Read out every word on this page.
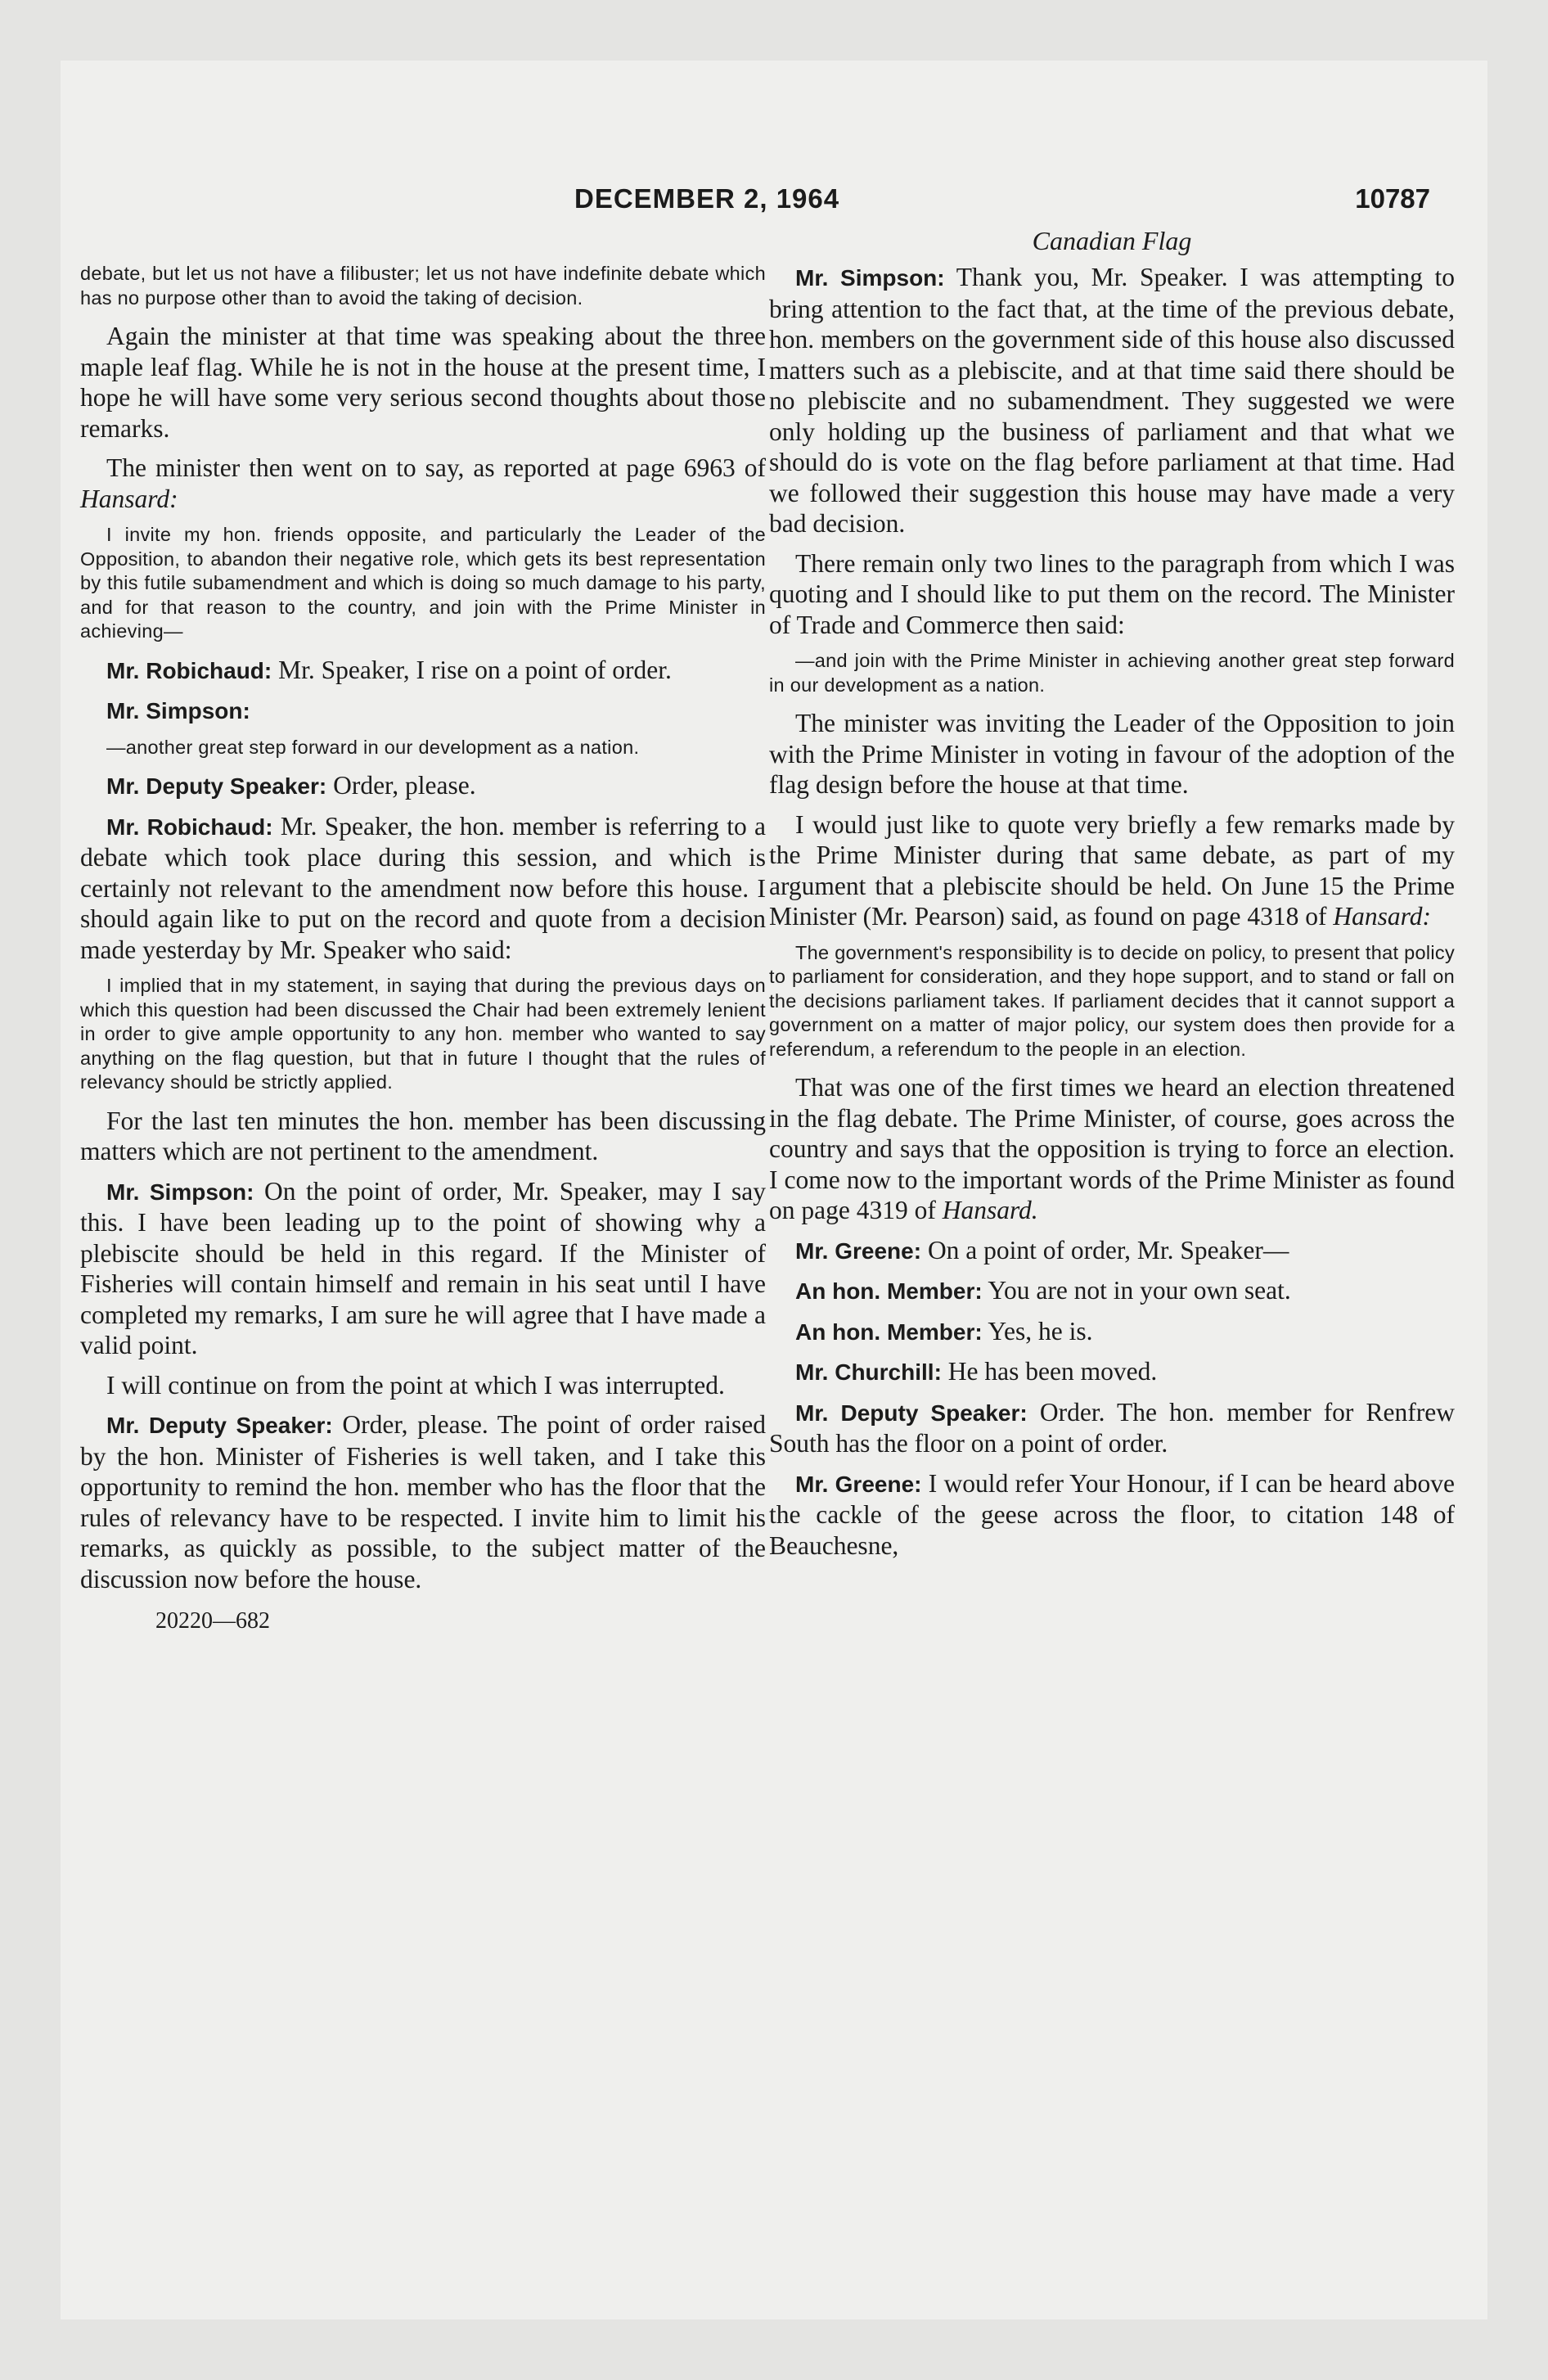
DECEMBER 2, 1964	10787

debate, but let us not have a filibuster; let us not have indefinite debate which has no purpose other than to avoid the taking of decision.

Again the minister at that time was speaking about the three maple leaf flag. While he is not in the house at the present time, I hope he will have some very serious second thoughts about those remarks.

The minister then went on to say, as reported at page 6963 of Hansard:

I invite my hon. friends opposite, and particularly the Leader of the Opposition, to abandon their negative role, which gets its best representation by this futile subamendment and which is doing so much damage to his party, and for that reason to the country, and join with the Prime Minister in achieving—

Mr. Robichaud: Mr. Speaker, I rise on a point of order.

Mr. Simpson:

—another great step forward in our development as a nation.

Mr. Deputy Speaker: Order, please.

Mr. Robichaud: Mr. Speaker, the hon. member is referring to a debate which took place during this session, and which is certainly not relevant to the amendment now before this house. I should again like to put on the record and quote from a decision made yesterday by Mr. Speaker who said:

I implied that in my statement, in saying that during the previous days on which this question had been discussed the Chair had been extremely lenient in order to give ample opportunity to any hon. member who wanted to say anything on the flag question, but that in future I thought that the rules of relevancy should be strictly applied.

For the last ten minutes the hon. member has been discussing matters which are not pertinent to the amendment.

Mr. Simpson: On the point of order, Mr. Speaker, may I say this. I have been leading up to the point of showing why a plebiscite should be held in this regard. If the Minister of Fisheries will contain himself and remain in his seat until I have completed my remarks, I am sure he will agree that I have made a valid point.

I will continue on from the point at which I was interrupted.

Mr. Deputy Speaker: Order, please. The point of order raised by the hon. Minister of Fisheries is well taken, and I take this opportunity to remind the hon. member who has the floor that the rules of relevancy have to be respected. I invite him to limit his remarks, as quickly as possible, to the subject matter of the discussion now before the house.

20220—682
Canadian Flag

Mr. Simpson: Thank you, Mr. Speaker. I was attempting to bring attention to the fact that, at the time of the previous debate, hon. members on the government side of this house also discussed matters such as a plebiscite, and at that time said there should be no plebiscite and no subamendment. They suggested we were only holding up the business of parliament and that what we should do is vote on the flag before parliament at that time. Had we followed their suggestion this house may have made a very bad decision.

There remain only two lines to the paragraph from which I was quoting and I should like to put them on the record. The Minister of Trade and Commerce then said:

—and join with the Prime Minister in achieving another great step forward in our development as a nation.

The minister was inviting the Leader of the Opposition to join with the Prime Minister in voting in favour of the adoption of the flag design before the house at that time.

I would just like to quote very briefly a few remarks made by the Prime Minister during that same debate, as part of my argument that a plebiscite should be held. On June 15 the Prime Minister (Mr. Pearson) said, as found on page 4318 of Hansard:

The government's responsibility is to decide on policy, to present that policy to parliament for consideration, and they hope support, and to stand or fall on the decisions parliament takes. If parliament decides that it cannot support a government on a matter of major policy, our system does then provide for a referendum, a referendum to the people in an election.

That was one of the first times we heard an election threatened in the flag debate. The Prime Minister, of course, goes across the country and says that the opposition is trying to force an election. I come now to the important words of the Prime Minister as found on page 4319 of Hansard.

Mr. Greene: On a point of order, Mr. Speaker—

An hon. Member: You are not in your own seat.

An hon. Member: Yes, he is.

Mr. Churchill: He has been moved.

Mr. Deputy Speaker: Order. The hon. member for Renfrew South has the floor on a point of order.

Mr. Greene: I would refer Your Honour, if I can be heard above the cackle of the geese across the floor, to citation 148 of Beauchesne,
